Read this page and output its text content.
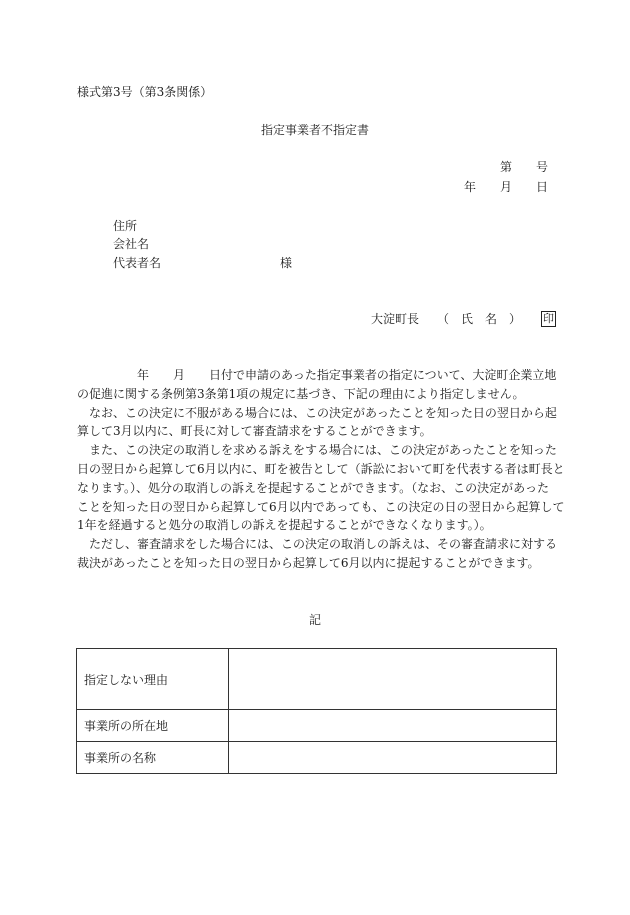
様式第3号（第3条関係）
指定事業者不指定書
第 号
年 月 日
住所
会社名
代表者名	様
大淀町長 （　氏　名　） 印
　　　　　年　　月　　日付で申請のあった指定事業者の指定について、大淀町企業立地
の促進に関する条例第3条第1項の規定に基づき、下記の理由により指定しません。
　なお、この決定に不服がある場合には、この決定があったことを知った日の翌日から起
算して3月以内に、町長に対して審査請求をすることができます。
　また、この決定の取消しを求める訴えをする場合には、この決定があったことを知った
日の翌日から起算して6月以内に、町を被告として（訴訟において町を代表する者は町長と
なります。）、処分の取消しの訴えを提起することができます。（なお、この決定があった
ことを知った日の翌日から起算して6月以内であっても、この決定の日の翌日から起算して
1年を経過すると処分の取消しの訴えを提起することができなくなります。）。
　ただし、審査請求をした場合には、この決定の取消しの訴えは、その審査請求に対する
裁決があったことを知った日の翌日から起算して6月以内に提起することができます。
記
指定しない理由	
事業所の所在地	
事業所の名称	
